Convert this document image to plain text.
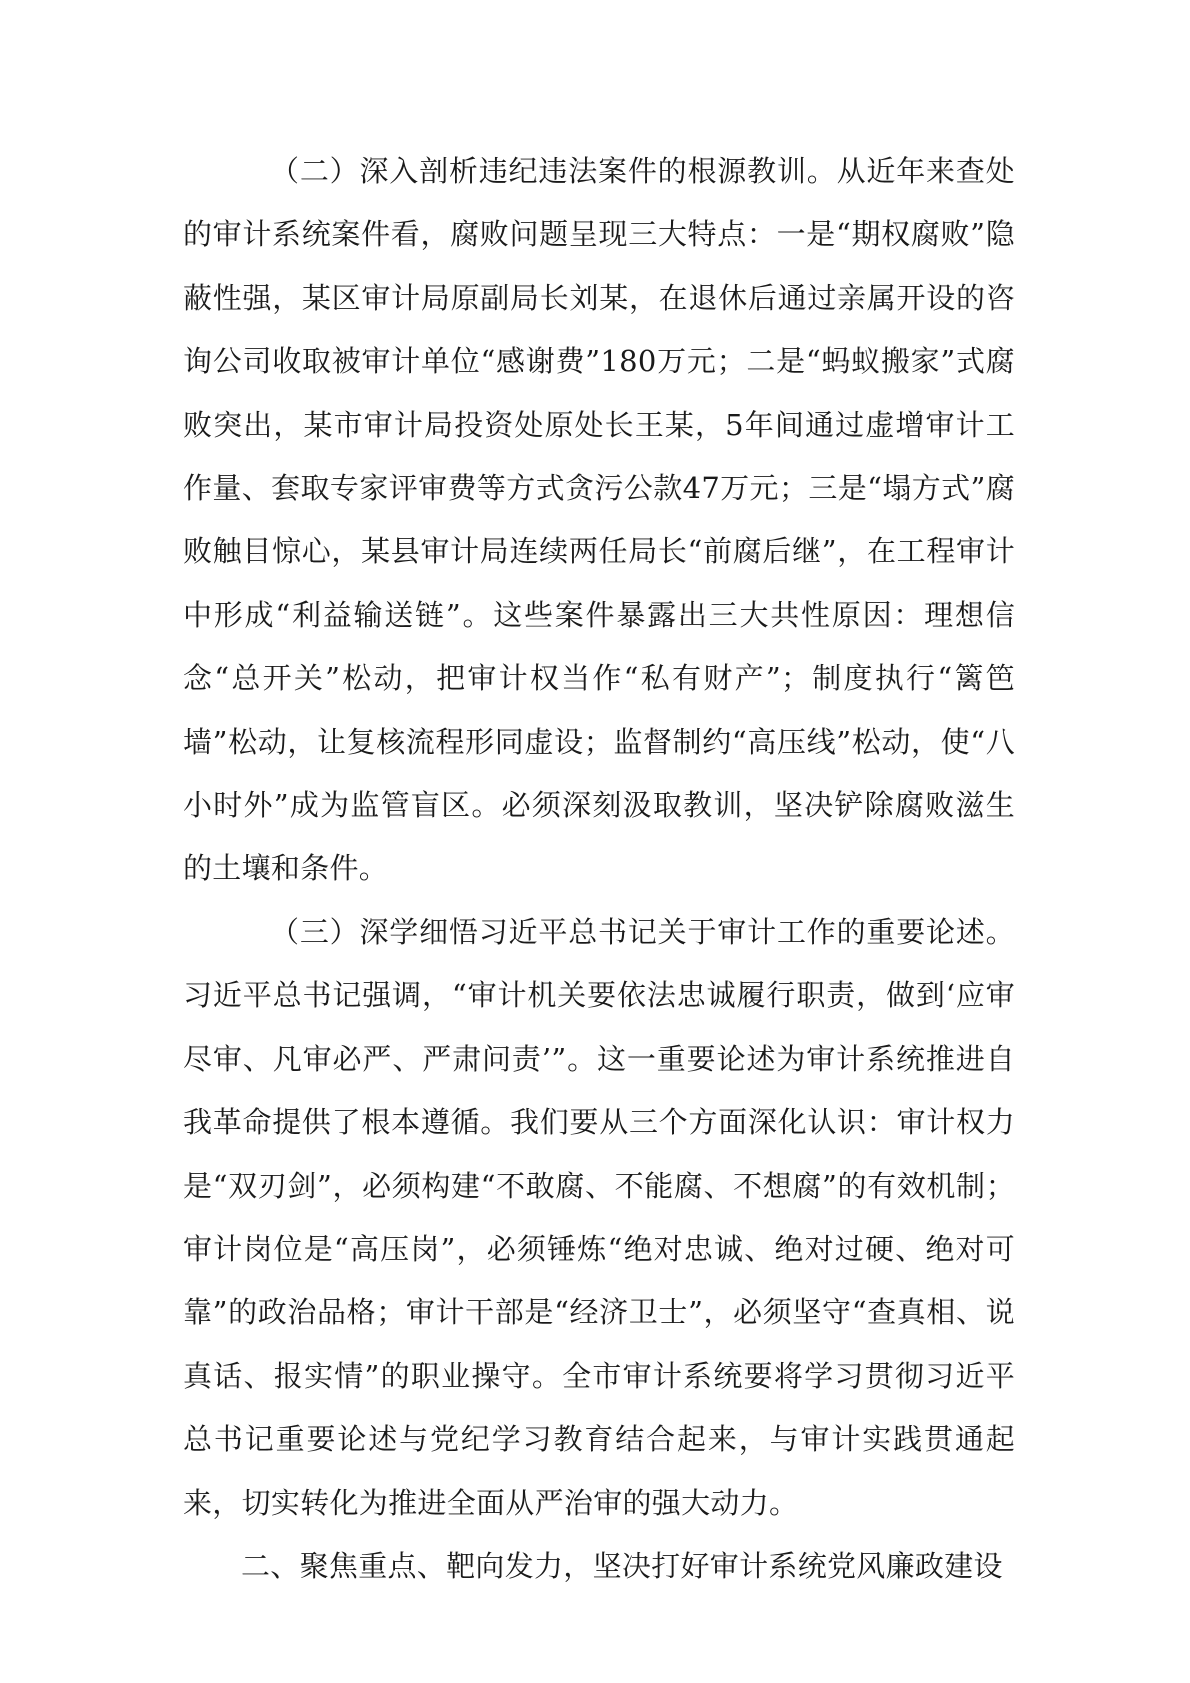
（二）深入剖析违纪违法案件的根源教训。从近年来查处的审计系统案件看，腐败问题呈现三大特点：一是“期权腐败”隐蔽性强，某区审计局原副局长刘某，在退休后通过亲属开设的咨询公司收取被审计单位“感谢费”180万元；二是“蚂蚁搬家”式腐败突出，某市审计局投资处原处长王某，5年间通过虚增审计工作量、套取专家评审费等方式贪污公款47万元；三是“塌方式”腐败触目惊心，某县审计局连续两任局长“前腐后继”，在工程审计中形成“利益输送链”。这些案件暴露出三大共性原因：理想信念“总开关”松动，把审计权当作“私有财产”；制度执行“篱笆墙”松动，让复核流程形同虚设；监督制约“高压线”松动，使“八小时外”成为监管盲区。必须深刻汲取教训，坚决铲除腐败滋生的土壤和条件。

（三）深学细悟习近平总书记关于审计工作的重要论述。习近平总书记强调，“审计机关要依法忠诚履行职责，做到‘应审尽审、凡审必严、严肃问责’”。这一重要论述为审计系统推进自我革命提供了根本遵循。我们要从三个方面深化认识：审计权力是“双刃剑”，必须构建“不敢腐、不能腐、不想腐”的有效机制；审计岗位是“高压岗”，必须锤炼“绝对忠诚、绝对过硬、绝对可靠”的政治品格；审计干部是“经济卫士”，必须坚守“查真相、说真话、报实情”的职业操守。全市审计系统要将学习贯彻习近平总书记重要论述与党纪学习教育结合起来，与审计实践贯通起来，切实转化为推进全面从严治审的强大动力。

二、聚焦重点、靶向发力，坚决打好审计系统党风廉政建设
